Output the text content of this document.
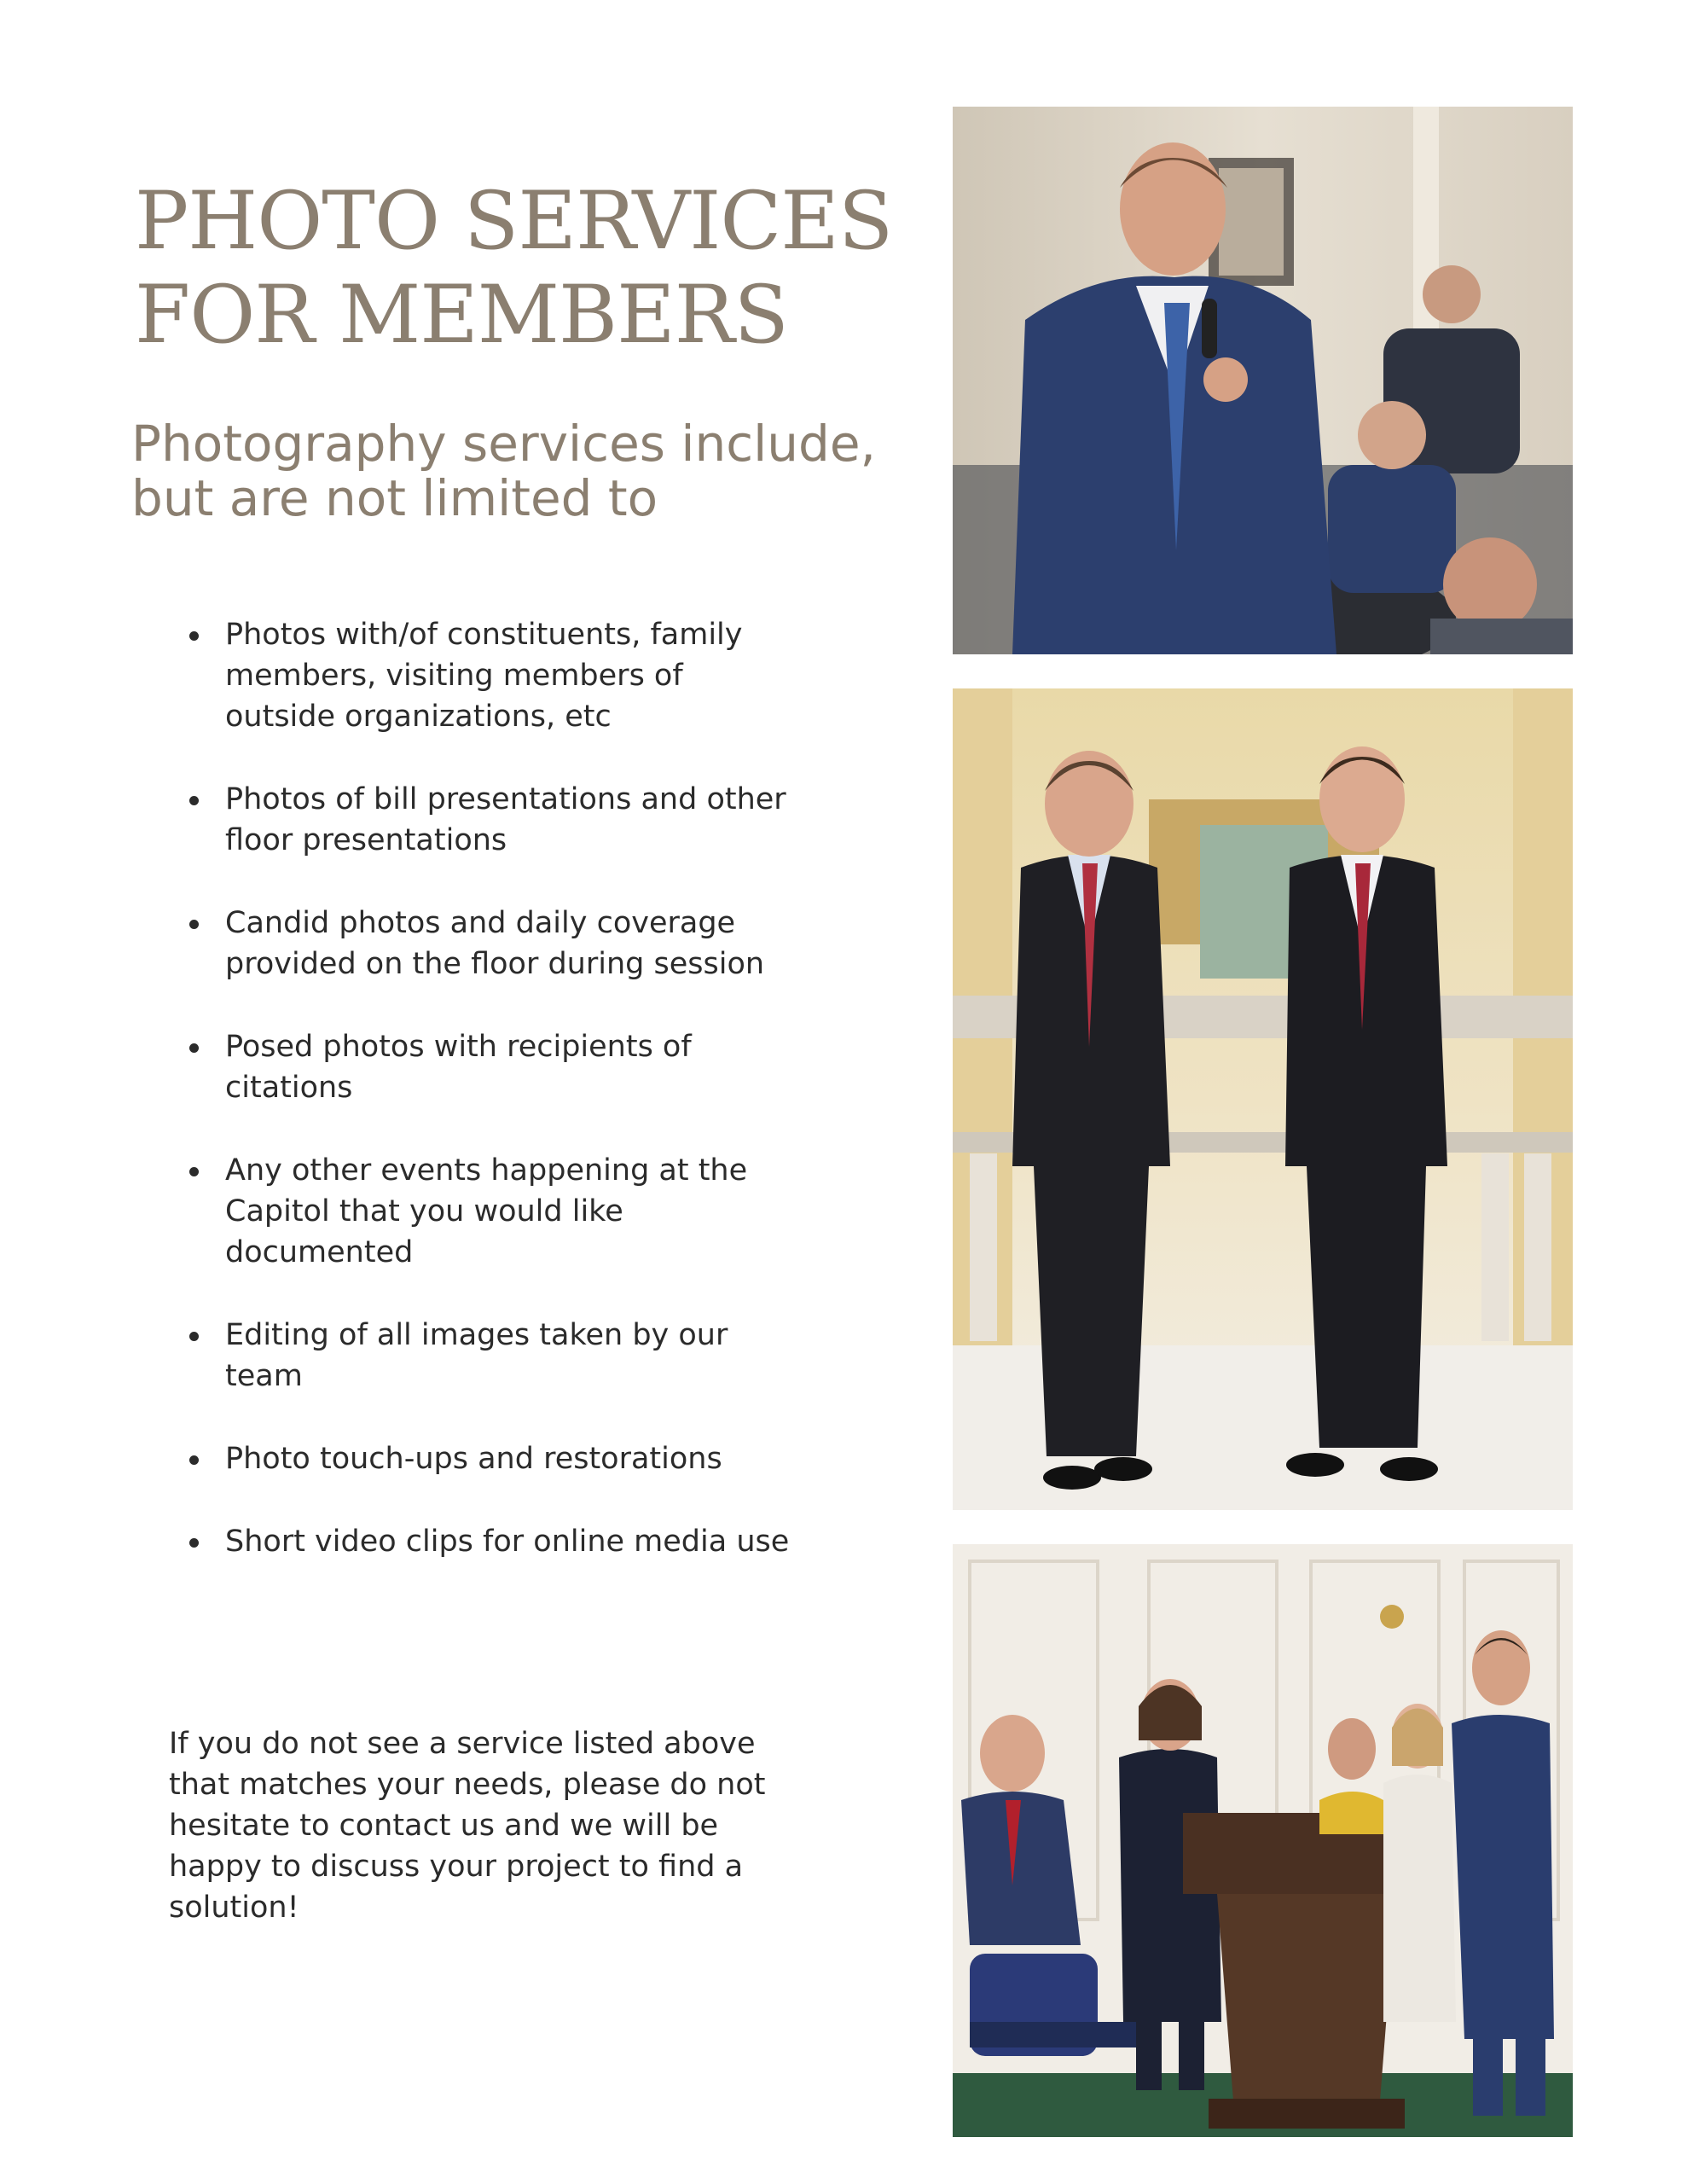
PHOTO SERVICES
FOR MEMBERS
Photography services include,
but are not limited to
Photos with/of constituents, family members, visiting members of outside organizations, etc
Photos of bill presentations and other floor presentations
Candid photos and daily coverage provided on the floor during session
Posed photos with recipients of citations
Any other events happening at the Capitol that you would like documented
Editing of all images taken by our team
Photo touch-ups and restorations
Short video clips for online media use

If you do not see a service listed above that matches your needs, please do not hesitate to contact us and we will be happy to discuss your project to find a solution!
